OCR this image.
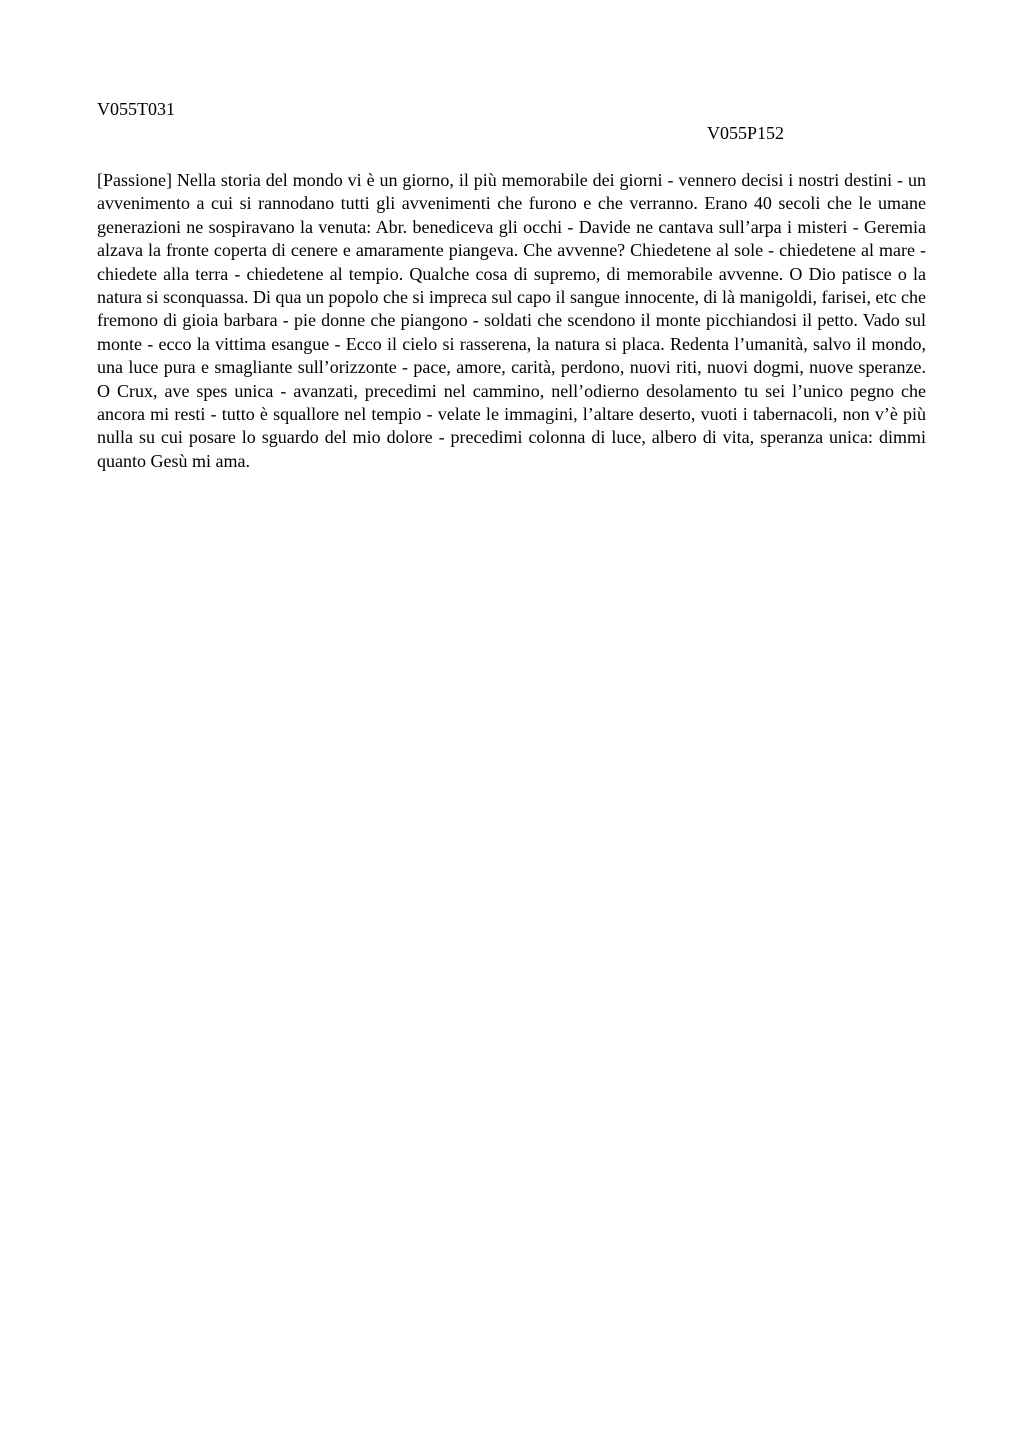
V055T031
V055P152

[Passione] Nella storia del mondo vi è un giorno, il più memorabile dei giorni - vennero decisi i nostri destini - un avvenimento a cui si rannodano tutti gli avvenimenti che furono e che verranno. Erano 40 secoli che le umane generazioni ne sospiravano la venuta: Abr. benediceva gli occhi - Davide ne cantava sull’arpa i misteri - Geremia alzava la fronte coperta di cenere e amaramente piangeva. Che avvenne? Chiedetene al sole - chiedetene al mare - chiedete alla terra - chiedetene al tempio. Qualche cosa di supremo, di memorabile avvenne. O Dio patisce o la natura si sconquassa. Di qua un popolo che si impreca sul capo il sangue innocente, di là manigoldi, farisei, etc che fremono di gioia barbara - pie donne che piangono - soldati che scendono il monte picchiandosi il petto. Vado sul monte - ecco la vittima esangue - Ecco il cielo si rasserena, la natura si placa. Redenta l’umanità, salvo il mondo, una luce pura e smagliante sull’orizzonte - pace, amore, carità, perdono, nuovi riti, nuovi dogmi, nuove speranze. O Crux, ave spes unica - avanzati, precedimi nel cammino, nell’odierno desolamento tu sei l’unico pegno che ancora mi resti - tutto è squallore nel tempio - velate le immagini, l’altare deserto, vuoti i tabernacoli, non v’è più nulla su cui posare lo sguardo del mio dolore - precedimi colonna di luce, albero di vita, speranza unica: dimmi quanto Gesù mi ama.
